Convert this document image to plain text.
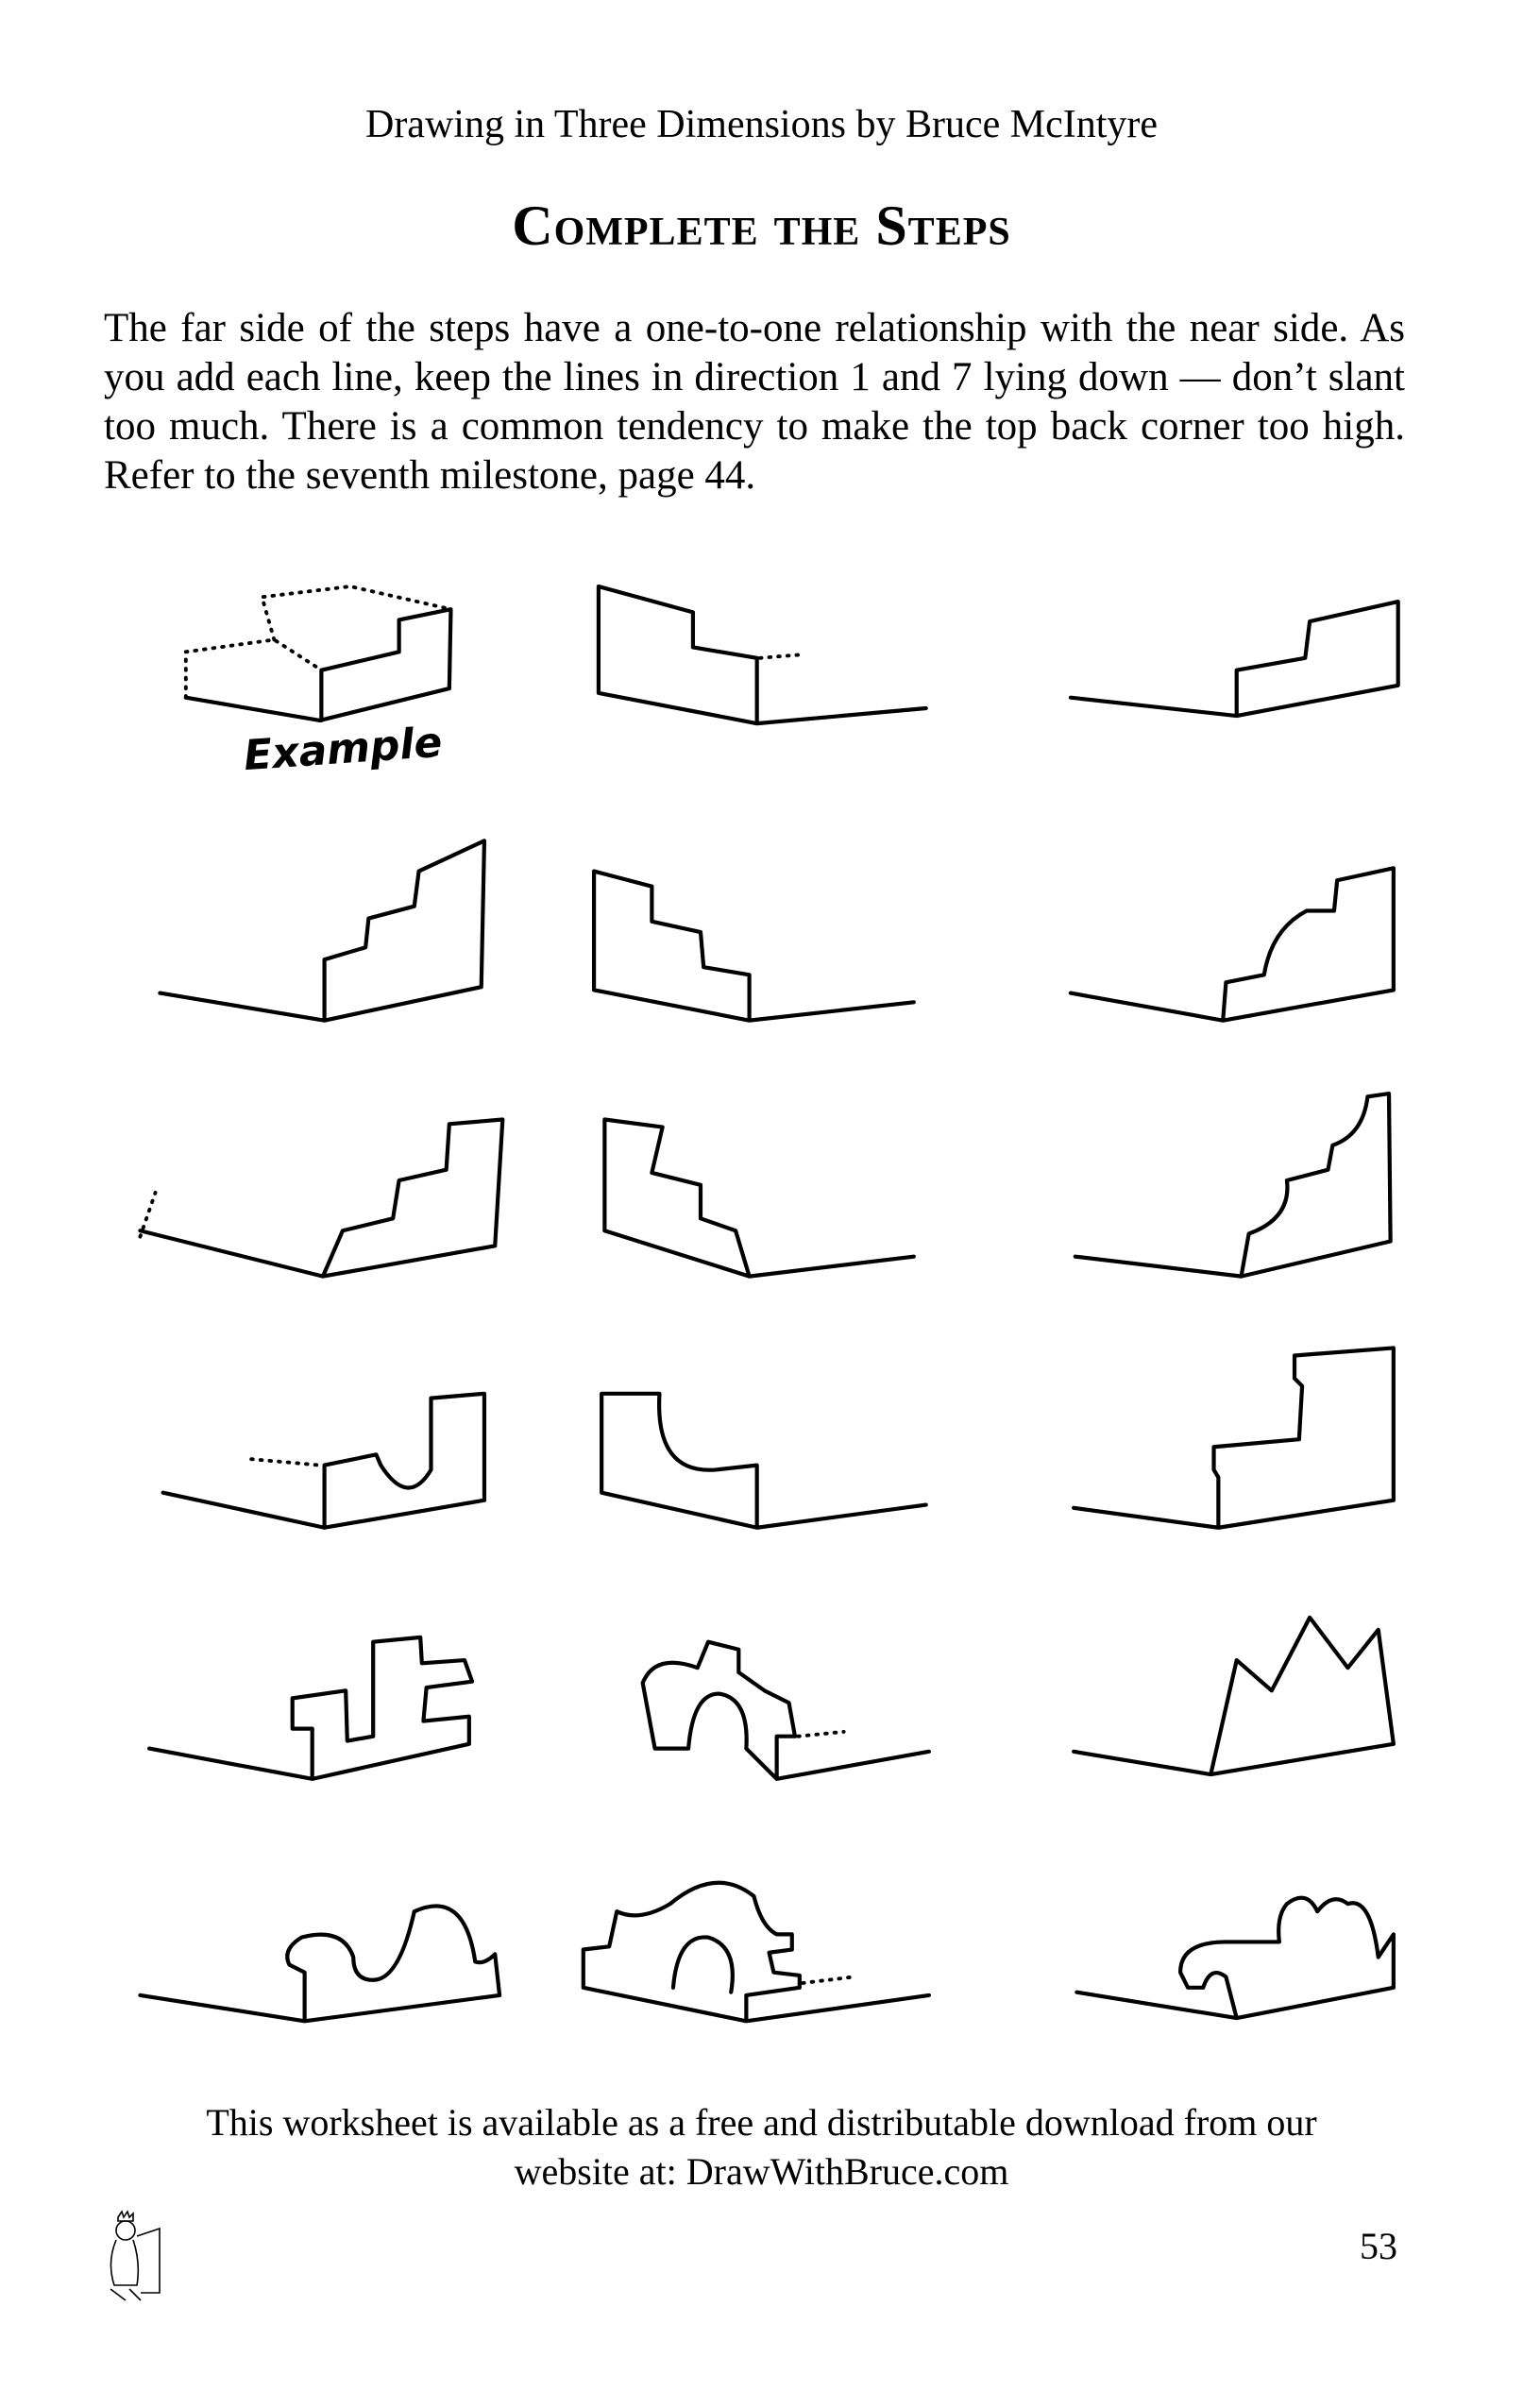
Drawing in Three Dimensions by Bruce McIntyre
Complete the Steps
The far side of the steps have a one-to-one relationship with the near side. As you add each line, keep the lines in direction 1 and 7 lying down — don’t slant too much. There is a common tendency to make the top back corner too high. Refer to the seventh milestone, page 44.
Example
This worksheet is available as a free and distributable download from our
website at: DrawWithBruce.com
53
